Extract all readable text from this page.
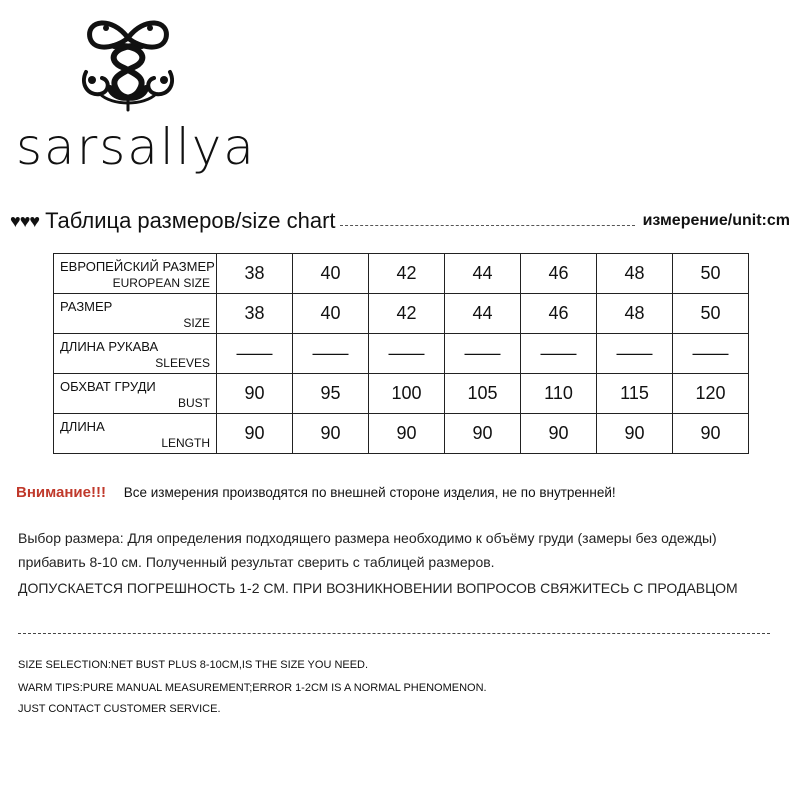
sarsallya
♥♥♥ Таблица размеров/size chart	измерение/unit:cm
ЕВРОПЕЙСКИЙ РАЗМЕР
EUROPEAN SIZE	38	40	42	44	46	48	50

РАЗМЕР
SIZE	38	40	42	44	46	48	50

ДЛИНА РУКАВА
SLEEVES	——	——	——	——	——	——	——

ОБХВАТ ГРУДИ
BUST	90	95	100	105	110	115	120

ДЛИНА
LENGTH	90	90	90	90	90	90	90
Внимание!!! Все измерения производятся по внешней стороне изделия, не по внутренней!
Выбор размера: Для определения подходящего размера необходимо к объёму груди (замеры без одежды) прибавить 8-10 см. Полученный результат сверить с таблицей размеров.
ДОПУСКАЕТСЯ ПОГРЕШНОСТЬ 1-2 СМ. ПРИ ВОЗНИКНОВЕНИИ ВОПРОСОВ СВЯЖИТЕСЬ С ПРОДАВЦОМ
SIZE SELECTION:NET BUST PLUS 8-10CM,IS THE SIZE YOU NEED.
WARM TIPS:PURE MANUAL MEASUREMENT;ERROR 1-2CM IS A NORMAL PHENOMENON.
JUST CONTACT CUSTOMER SERVICE.
